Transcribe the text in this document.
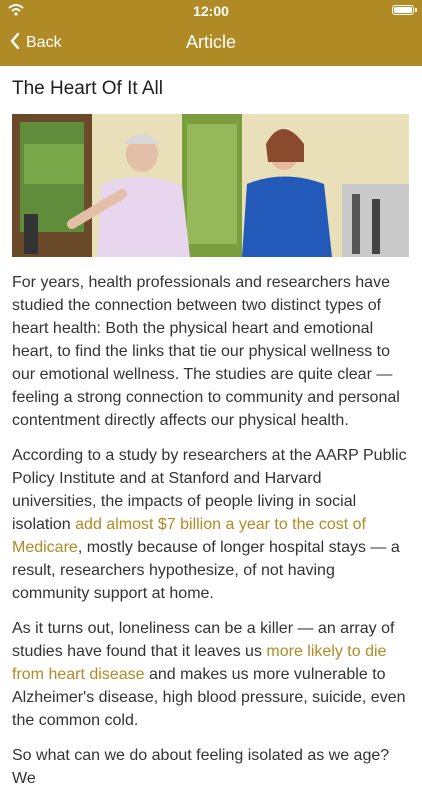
12:00
Back	Article
The Heart Of It All

For years, health professionals and researchers have studied the connection between two distinct types of heart health: Both the physical heart and emotional heart, to find the links that tie our physical wellness to our emotional wellness. The studies are quite clear — feeling a strong connection to community and personal contentment directly affects our physical health.

According to a study by researchers at the AARP Public Policy Institute and at Stanford and Harvard universities, the impacts of people living in social isolation add almost $7 billion a year to the cost of Medicare, mostly because of longer hospital stays — a result, researchers hypothesize, of not having community support at home.

As it turns out, loneliness can be a killer — an array of studies have found that it leaves us more likely to die from heart disease and makes us more vulnerable to Alzheimer's disease, high blood pressure, suicide, even the common cold.

So what can we do about feeling isolated as we age? We
